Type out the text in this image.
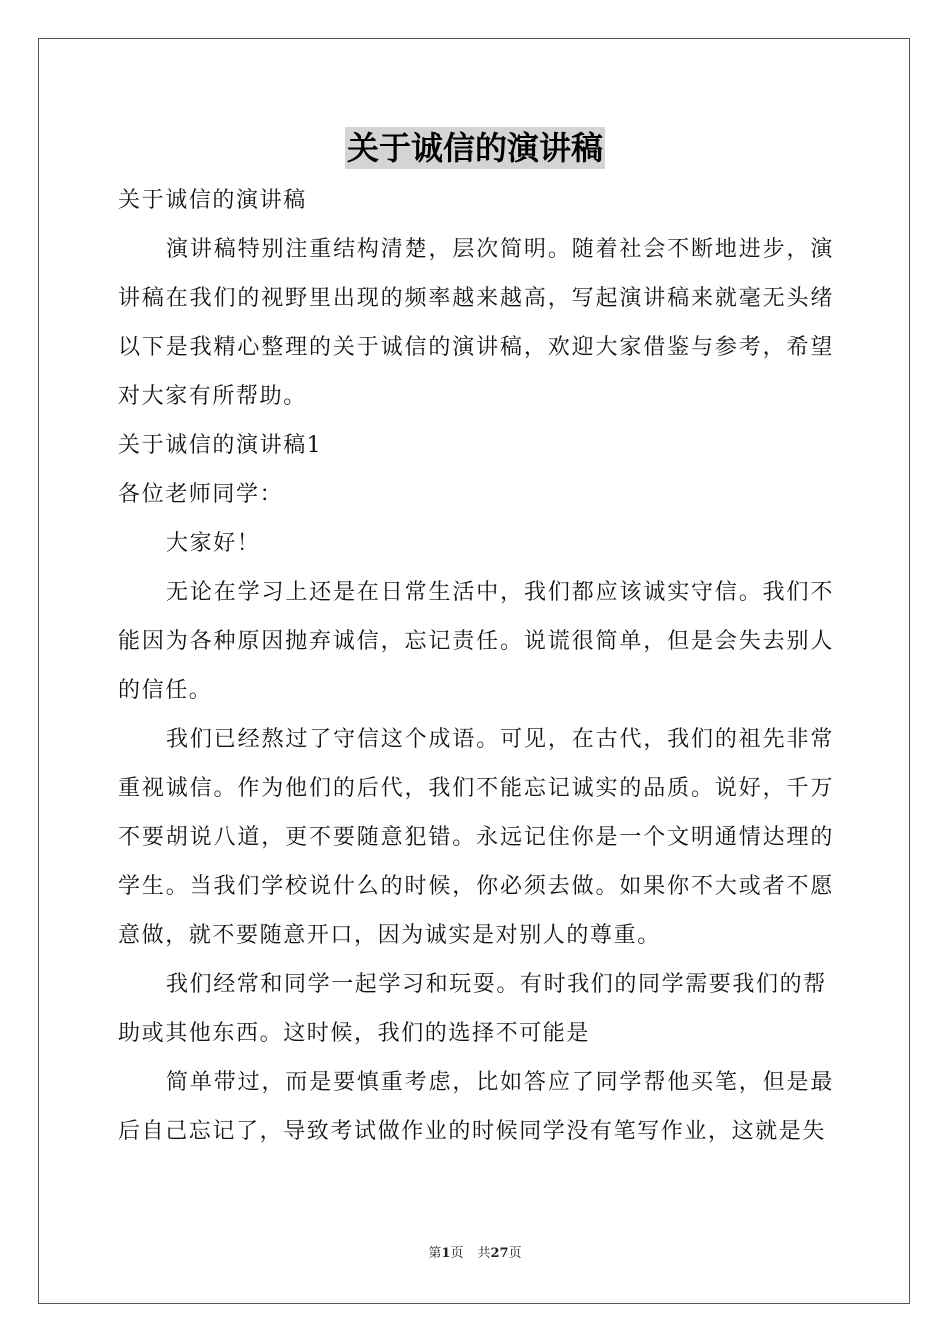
关于诚信的演讲稿

关于诚信的演讲稿

演讲稿特别注重结构清楚，层次简明。随着社会不断地进步，演讲稿在我们的视野里出现的频率越来越高，写起演讲稿来就毫无头绪以下是我精心整理的关于诚信的演讲稿，欢迎大家借鉴与参考，希望对大家有所帮助。

关于诚信的演讲稿1

各位老师同学：

大家好！

无论在学习上还是在日常生活中，我们都应该诚实守信。我们不能因为各种原因抛弃诚信，忘记责任。说谎很简单，但是会失去别人的信任。

我们已经熬过了守信这个成语。可见，在古代，我们的祖先非常重视诚信。作为他们的后代，我们不能忘记诚实的品质。说好，千万不要胡说八道，更不要随意犯错。永远记住你是一个文明通情达理的学生。当我们学校说什么的时候，你必须去做。如果你不大或者不愿意做，就不要随意开口，因为诚实是对别人的尊重。

我们经常和同学一起学习和玩耍。有时我们的同学需要我们的帮助或其他东西。这时候，我们的选择不可能是

简单带过，而是要慎重考虑，比如答应了同学帮他买笔，但是最后自己忘记了，导致考试做作业的时候同学没有笔写作业，这就是失

第1页 共27页
